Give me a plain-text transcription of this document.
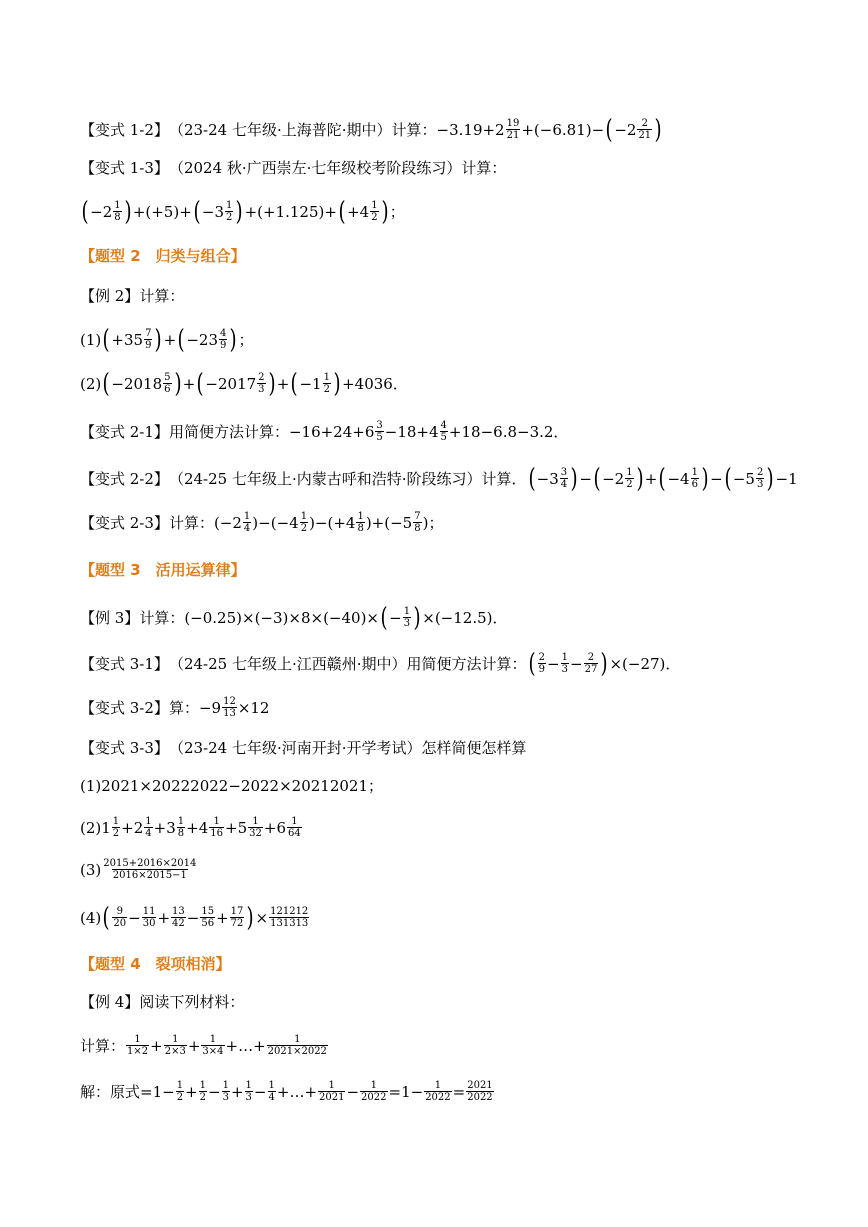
【变式 1-2】 （23-24 七年级·上海普陀·期中） 计算： $-3.19+2 \frac{19}{21} +(-6.81)-$ ( $-2 \frac{2}{21}$ )
【变式 1-3】 （2024 秋·广西崇左·七年级校考阶段练习） 计算：
( $-2 \frac{1}{8}$ ) +(+5)+ ( $-3 \frac{1}{2}$ ) +(+1.125)+ ( $+4 \frac{1}{2}$ ) ；
【题型 2　归类与组合】
【例 2】 计算：
(1) ( $+35 \frac{7}{9}$ ) + ( $-23 \frac{4}{9}$ ) ；
(2) ( $-2018 \frac{5}{6}$ ) + ( $-2017 \frac{2}{3}$ ) + ( $-1 \frac{1}{2}$ ) +4036．
【变式 2-1】 用简便方法计算： $-16+24+6 \frac{3}{5} -18+4 \frac{4}{5} +18-6.8-3.2$．
【变式 2-2】 （24-25 七年级上·内蒙古呼和浩特·阶段练习） 计算． ( $-3 \frac{3}{4}$ ) − ( $-2 \frac{1}{2}$ ) + ( $-4 \frac{1}{6}$ ) − ( $-5 \frac{2}{3}$ ) −1
【变式 2-3】 计算： $(-2 \frac{1}{4} )-(-4 \frac{1}{2} )-(+4 \frac{1}{8} )+(-5 \frac{7}{8}$ )；
【题型 3　活用运算律】
【例 3】 计算： (−0.25)×(−3)×8×(−40)× ( − $\frac{1}{3}$ ) ×(−12.5)．
【变式 3-1】 （24-25 七年级上·江西赣州·期中） 用简便方法计算： ( $\frac{2}{9} - \frac{1}{3} - \frac{2}{27}$ ) ×(−27)．
【变式 3-2】 算： $-9 \frac{12}{13} \times 12$
【变式 3-3】 （23-24 七年级·河南开封·开学考试） 怎样简便怎样算
(1)2021×20222022−2022×20212021；
(2) $1 \frac{1}{2} +2 \frac{1}{4} +3 \frac{1}{8} +4 \frac{1}{16} +5 \frac{1}{32} +6 \frac{1}{64}$
$(3) \frac{2015+2016\times 2014}{2016\times 2015-1}$
(4) ( $\frac{9}{20} - \frac{11}{30} + \frac{13}{42} - \frac{15}{56} + \frac{17}{72}$ ) × $\frac{121212}{131313}$
【题型 4　裂项相消】
【例 4】 阅读下列材料：
计算： $\frac{1}{1\times 2} + \frac{1}{2\times 3} + \frac{1}{3\times 4}$ +…+ $\frac{1}{2021\times 2022}$
解：原式$=1- \frac{1}{2} + \frac{1}{2} - \frac{1}{3} + \frac{1}{3} - \frac{1}{4}$ +…+ $\frac{1}{2021} - \frac{1}{2022} =1- \frac{1}{2022} = \frac{2021}{2022}$
